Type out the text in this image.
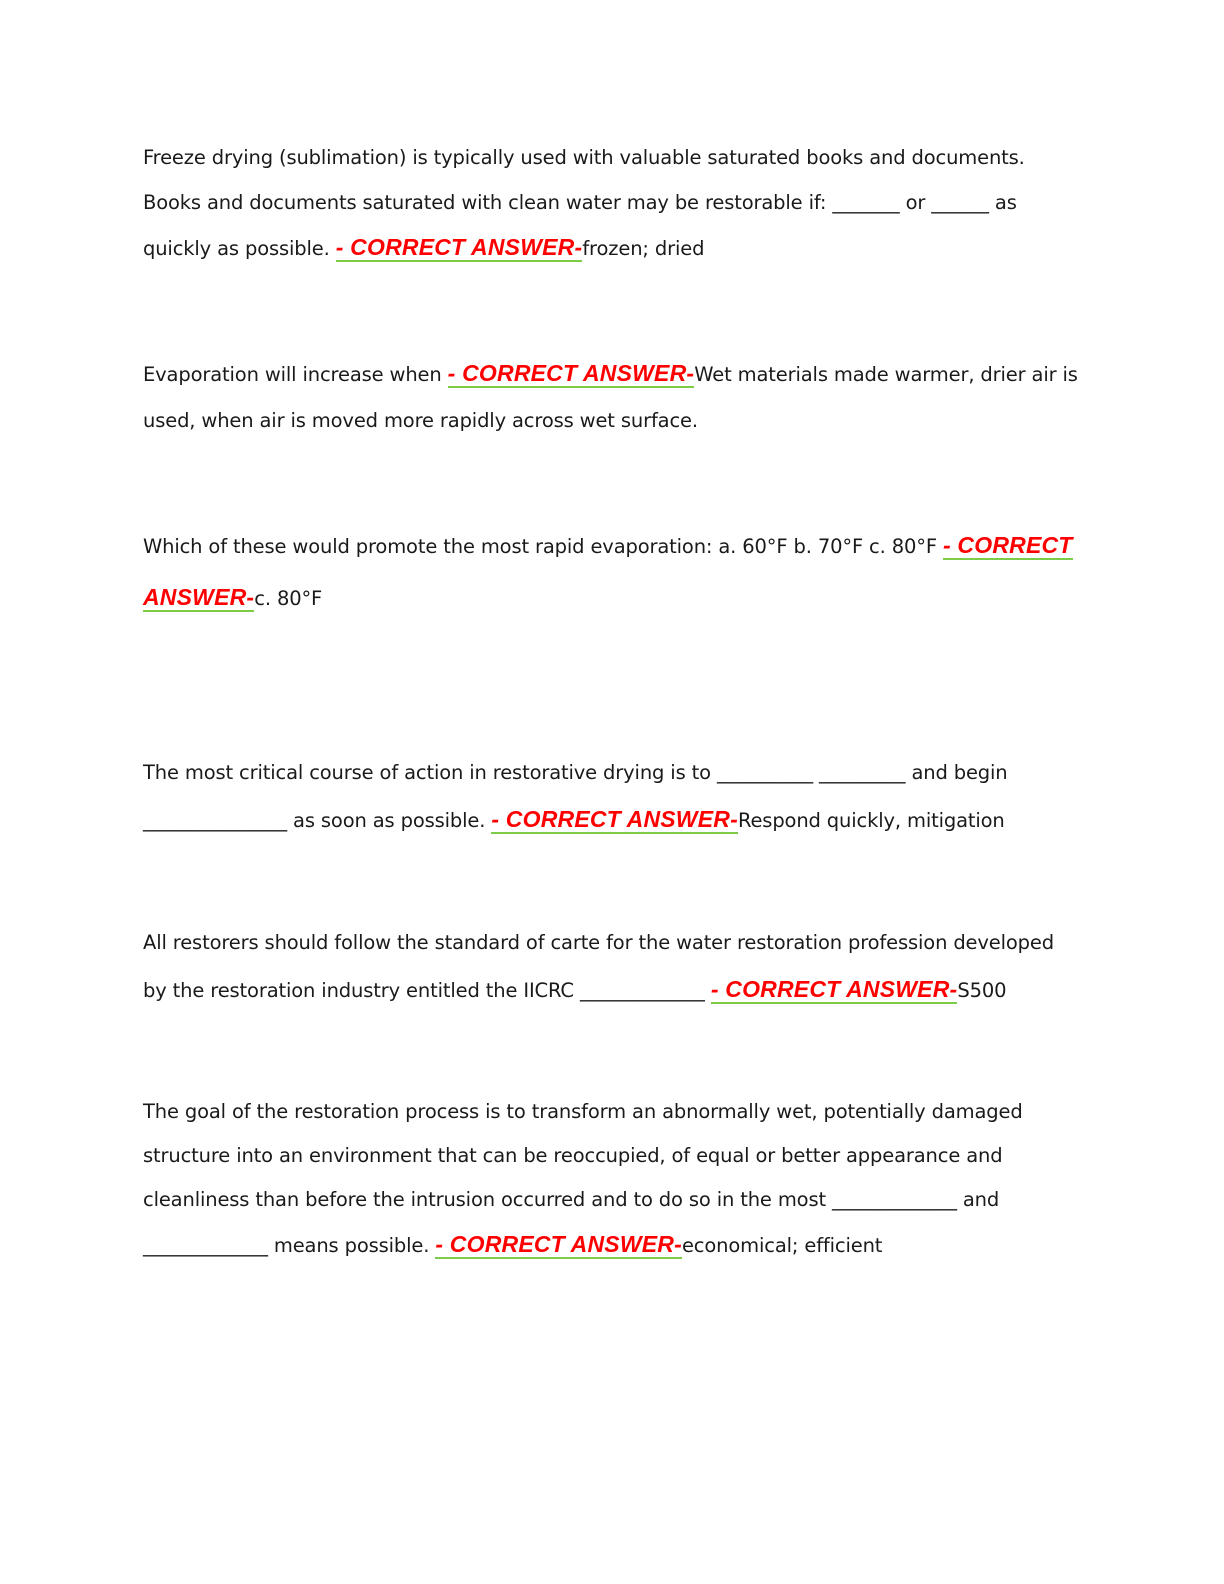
Freeze drying (sublimation) is typically used with valuable saturated books and documents. Books and documents saturated with clean water may be restorable if: _______ or ______ as quickly as possible. - CORRECT ANSWER-frozen; dried

Evaporation will increase when - CORRECT ANSWER-Wet materials made warmer, drier air is used, when air is moved more rapidly across wet surface.

Which of these would promote the most rapid evaporation: a. 60°F b. 70°F c. 80°F - CORRECT ANSWER-c. 80°F

The most critical course of action in restorative drying is to __________ _________ and begin _______________ as soon as possible. - CORRECT ANSWER-Respond quickly, mitigation

All restorers should follow the standard of carte for the water restoration profession developed by the restoration industry entitled the IICRC _____________ - CORRECT ANSWER-S500

The goal of the restoration process is to transform an abnormally wet, potentially damaged structure into an environment that can be reoccupied, of equal or better appearance and cleanliness than before the intrusion occurred and to do so in the most _____________ and _____________ means possible. - CORRECT ANSWER-economical; efficient
